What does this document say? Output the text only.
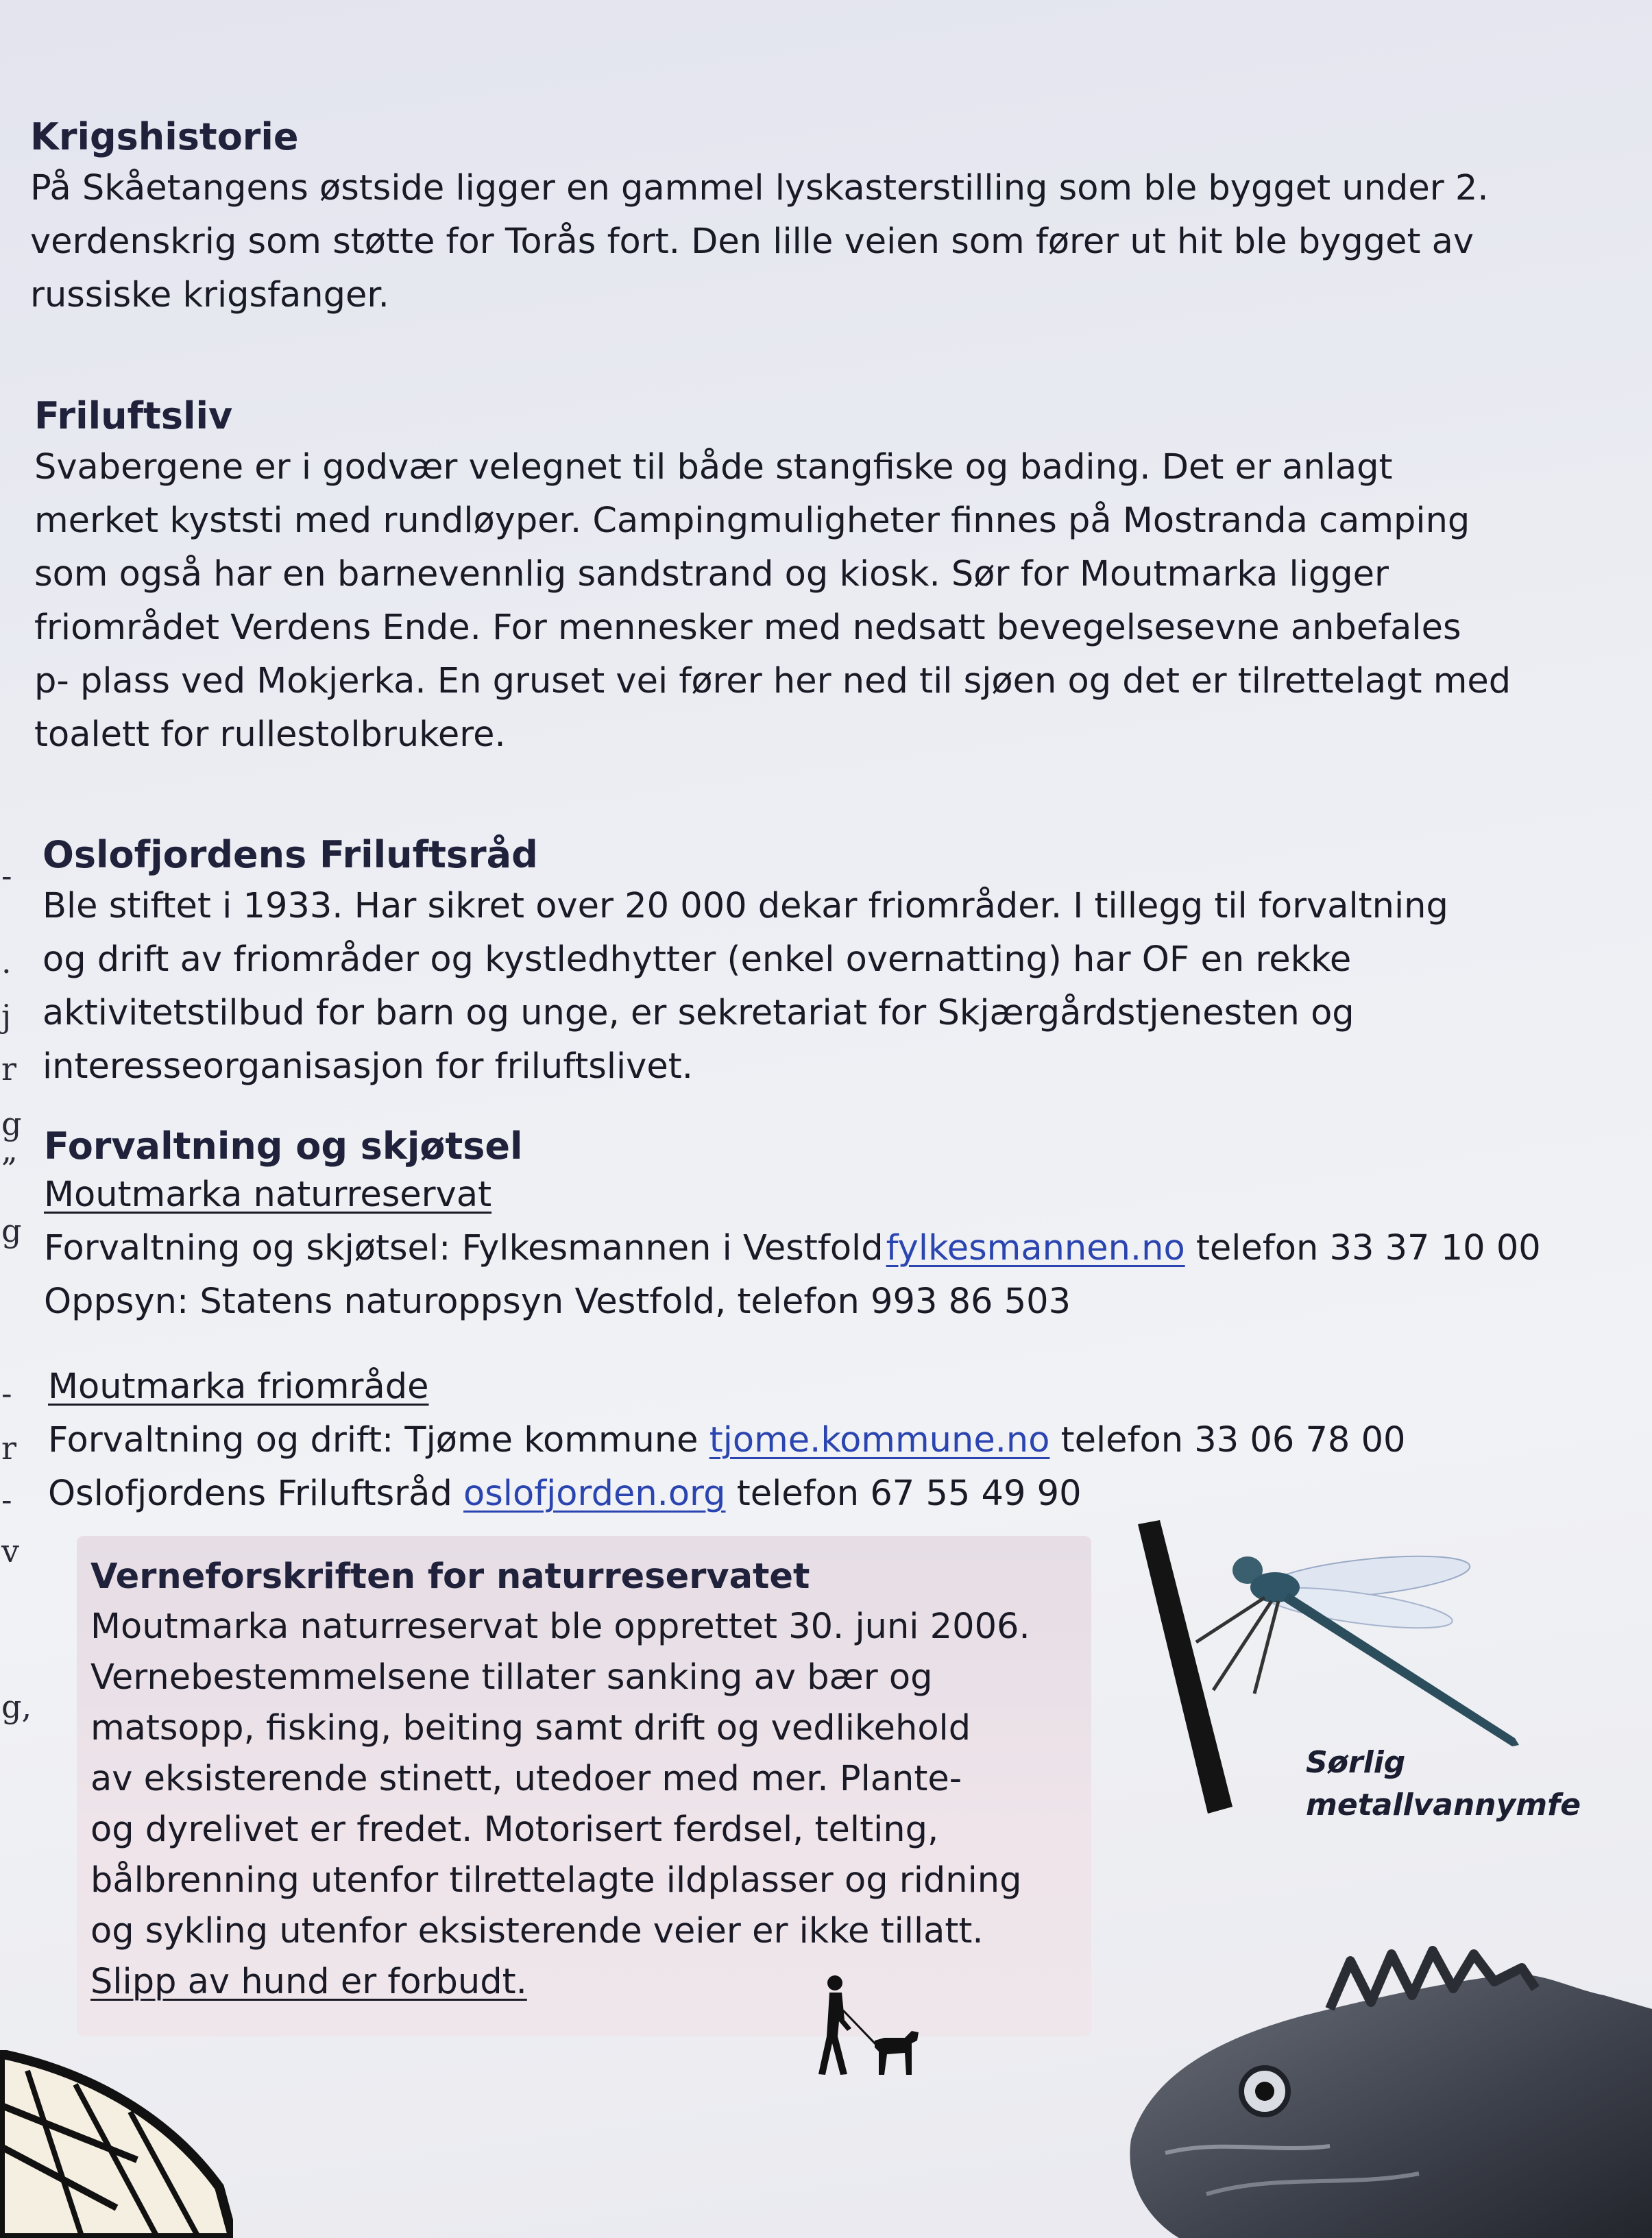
-
.
j
r
g
„
g
-
r
-
v
g,
Krigshistorie
På Skåetangens østside ligger en gammel lyskasterstilling som ble bygget under 2.
verdenskrig som støtte for Torås fort. Den lille veien som fører ut hit ble bygget av
russiske krigsfanger.
Friluftsliv
Svabergene er i godvær velegnet til både stangfiske og bading. Det er anlagt
merket kyststi med rundløyper. Campingmuligheter finnes på Mostranda camping
som også har en barnevennlig sandstrand og kiosk. Sør for Moutmarka ligger
friområdet Verdens Ende. For mennesker med nedsatt bevegelsesevne anbefales
p- plass ved Mokjerka. En gruset vei fører her ned til sjøen og det er tilrettelagt med
toalett for rullestolbrukere.
Oslofjordens Friluftsråd
Ble stiftet i 1933. Har sikret over 20 000 dekar friområder. I tillegg til forvaltning
og drift av friområder og kystledhytter (enkel overnatting) har OF en rekke
aktivitetstilbud for barn og unge, er sekretariat for Skjærgårdstjenesten og
interesseorganisasjon for friluftslivet.
Forvaltning og skjøtsel
Moutmarka naturreservat
Forvaltning og skjøtsel: Fylkesmannen i Vestfoldfylkesmannen.no telefon 33 37 10 00
Oppsyn: Statens naturoppsyn Vestfold, telefon 993 86 503
Moutmarka friområde
Forvaltning og drift: Tjøme kommune tjome.kommune.no telefon 33 06 78 00
Oslofjordens Friluftsråd oslofjorden.org telefon 67 55 49 90
Verneforskriften for naturreservatet
Moutmarka naturreservat ble opprettet 30. juni 2006.
Vernebestemmelsene tillater sanking av bær og
matsopp, fisking, beiting samt drift og vedlikehold
av eksisterende stinett, utedoer med mer. Plante-
og dyrelivet er fredet. Motorisert ferdsel, telting,
bålbrenning utenfor tilrettelagte ildplasser og ridning
og sykling utenfor eksisterende veier er ikke tillatt.
Slipp av hund er forbudt.
Sørlig
metallvannymfe
